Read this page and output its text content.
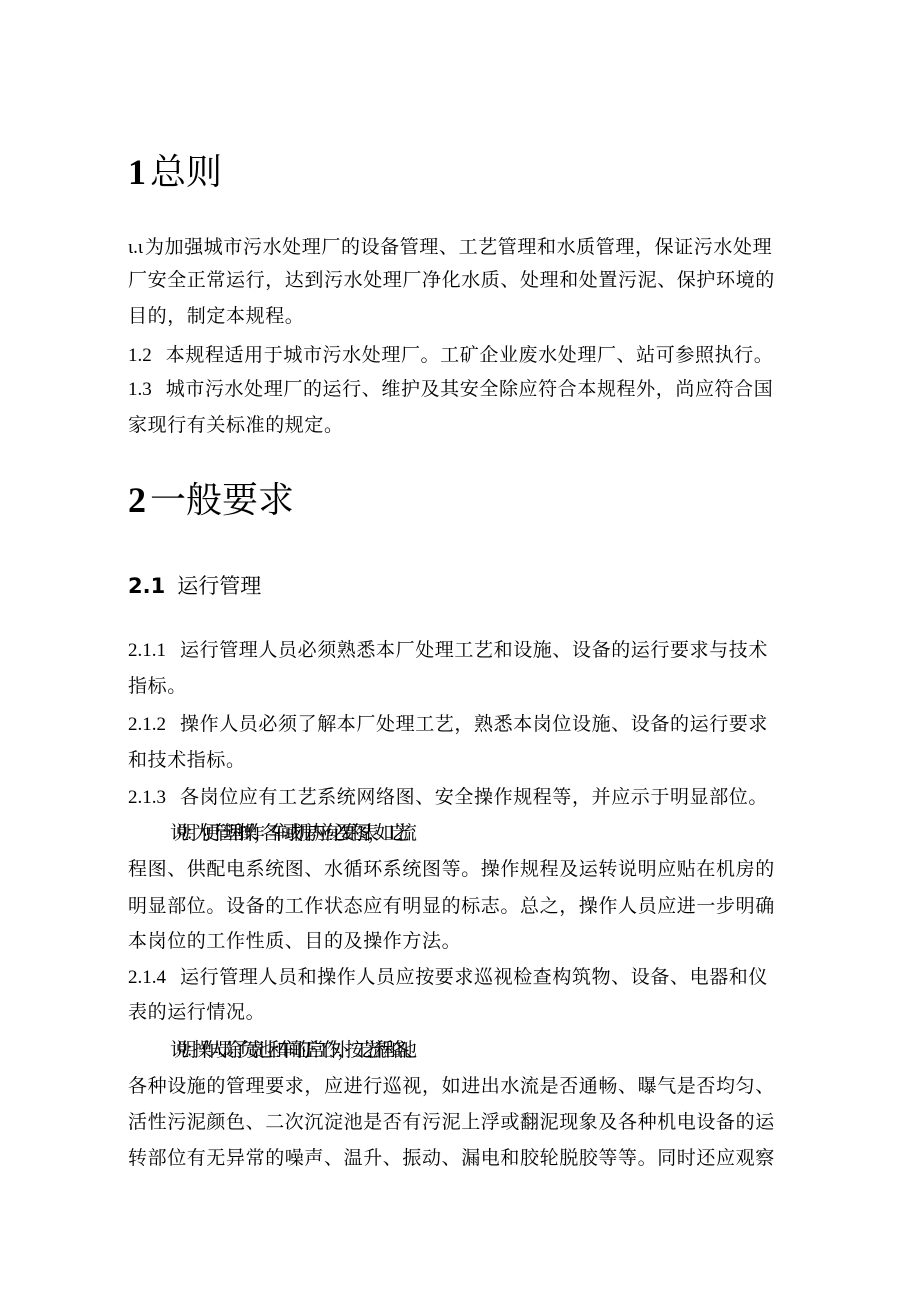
1 总则
ι.ι 为加强城市污水处理厂的设备管理、工艺管理和水质管理，保证污水处理
厂安全正常运行，达到污水处理厂净化水质、处理和处置污泥、保护环境的
目的，制定本规程。
1.2 本规程适用于城市污水处理厂。工矿企业废水处理厂、站可参照执行。
1.3 城市污水处理厂的运行、维护及其安全除应符合本规程外，尚应符合国
家现行有关标准的规定。
2 一般要求
2.1 运行管理
2.1.1 运行管理人员必须熟悉本厂处理工艺和设施、设备的运行要求与技术
指标。
2.1.2 操作人员必须了解本厂处理工艺，熟悉本岗位设施、设备的运行要求
和技术指标。
2.1.3 各岗位应有工艺系统网络图、安全操作规程等，并应示于明显部位。
说明：为便于管理和操作，各车间或机房内应有必要的图表，如工艺流
程图、供配电系统图、水循环系统图等。操作规程及运转说明应贴在机房的
明显部位。设备的工作状态应有明显的标志。总之，操作人员应进一步明确
本岗位的工作性质、目的及操作方法。
2.1.4 运行管理人员和操作人员应按要求巡视检查构筑物、设备、电器和仪
表的运行情况。
说明：操作人员除了负责池上和车间的正常工作外，按工艺流程和各池、
各种设施的管理要求，应进行巡视，如进出水流是否通畅、曝气是否均匀、
活性污泥颜色、二次沉淀池是否有污泥上浮或翻泥现象及各种机电设备的运
转部位有无异常的噪声、温升、振动、漏电和胶轮脱胶等等。同时还应观察
